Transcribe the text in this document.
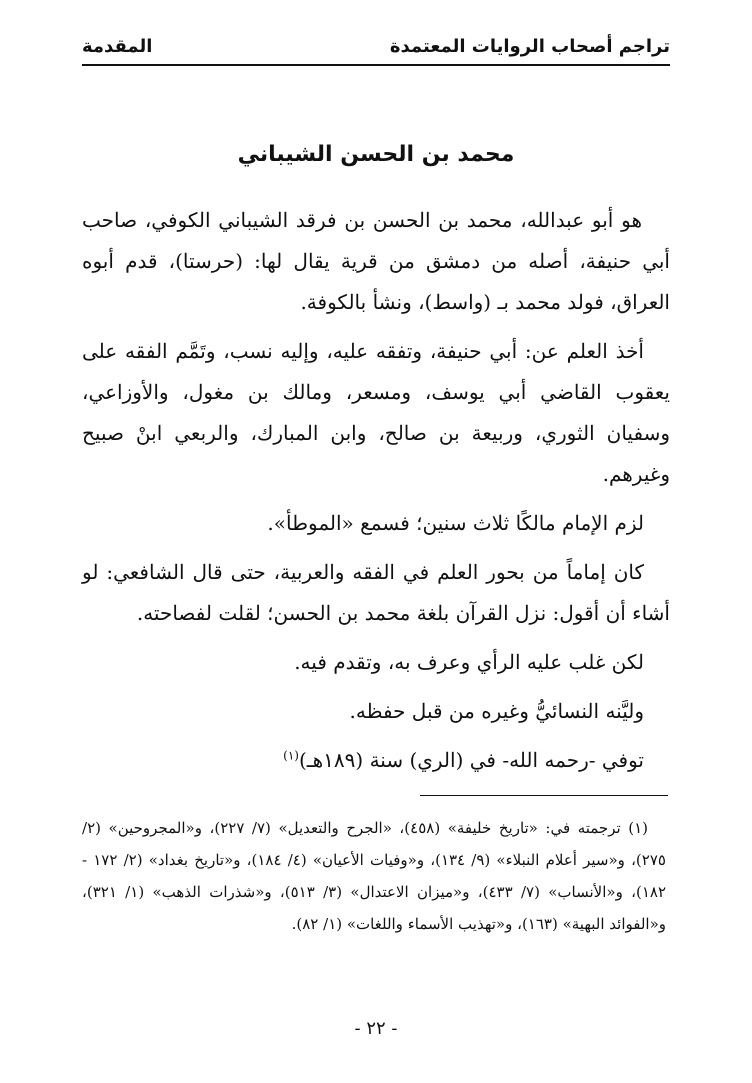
تراجم أصحاب الروايات المعتمدة
المقدمة
محمد بن الحسن الشيباني

هو أبو عبدالله، محمد بن الحسن بن فرقد الشيباني الكوفي، صاحب أبي حنيفة، أصله من دمشق من قرية يقال لها: (حرستا)، قدم أبوه العراق، فولد محمد بـ (واسط)، ونشأ بالكوفة.

أخذ العلم عن: أبي حنيفة، وتفقه عليه، وإليه نسب، وتَمَّم الفقه على يعقوب القاضي أبي يوسف، ومسعر، ومالك بن مغول، والأوزاعي، وسفيان الثوري، وربيعة بن صالح، وابن المبارك، والربعي ابنْ صبيح وغيرهم.

لزم الإمام مالكًا ثلاث سنين؛ فسمع «الموطأ».

كان إماماً من بحور العلم في الفقه والعربية، حتى قال الشافعي: لو أشاء أن أقول: نزل القرآن بلغة محمد بن الحسن؛ لقلت لفصاحته.

لكن غلب عليه الرأي وعرف به، وتقدم فيه.

وليَّنه النسائيُّ وغيره من قبل حفظه.

توفي -رحمه الله- في (الري) سنة (١٨٩هـ)$^{(١)}$

(١) ترجمته في: «تاريخ خليفة» (٤٥٨)، «الجرح والتعديل» (٧/ ٢٢٧)، و«المجروحين» (٢/ ٢٧٥)، و«سير أعلام النبلاء» (٩/ ١٣٤)، و«وفيات الأعيان» (٤/ ١٨٤)، و«تاريخ بغداد» (٢/ ١٧٢ - ١٨٢)، و«الأنساب» (٧/ ٤٣٣)، و«ميزان الاعتدال» (٣/ ٥١٣)، و«شذرات الذهب» (١/ ٣٢١)، و«الفوائد البهية» (١٦٣)، و«تهذيب الأسماء واللغات» (١/ ٨٢).

- ٢٢ -
